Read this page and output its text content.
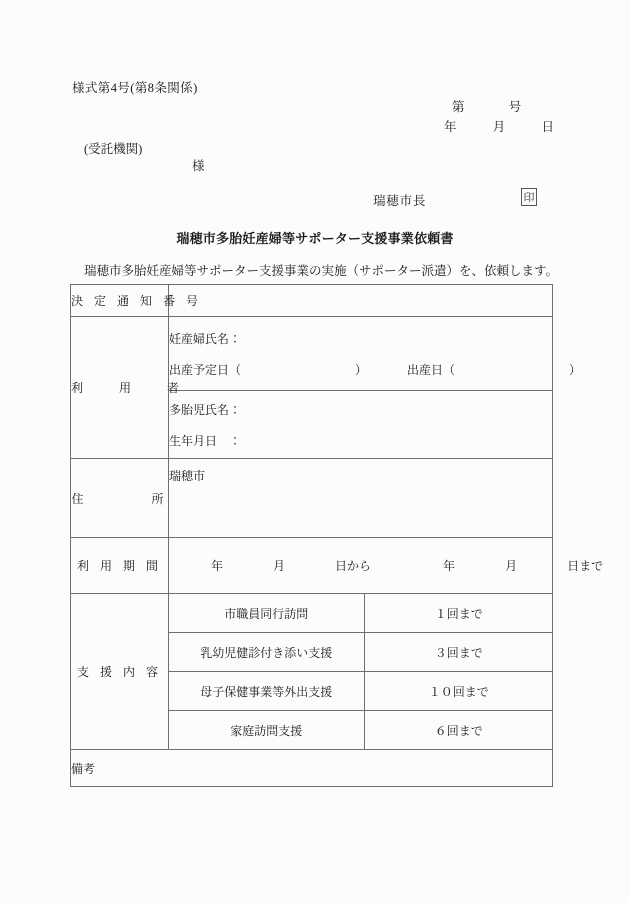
様式第4号(第8条関係)
第	号
年	月	日
(受託機関)
様
瑞穂市長	印
瑞穂市多胎妊産婦等サポーター支援事業依頼書
瑞穂市多胎妊産婦等サポーター支援事業の実施（サポーター派遣）を、依頼します。
決 定 通 知 番 号	
利　　用　　者	
妊産婦氏名：
出産予定日（	）	出産日（	）

多胎児氏名：
生年月日　：

住　　　　所	瑞穂市
利 用 期 間	年	月	日から	年	月	日まで

支 援 内 容	
市職員同行訪問	１回まで
乳幼児健診付き添い支援	３回まで
母子保健事業等外出支援	１０回まで
家庭訪問支援	６回まで

備考
